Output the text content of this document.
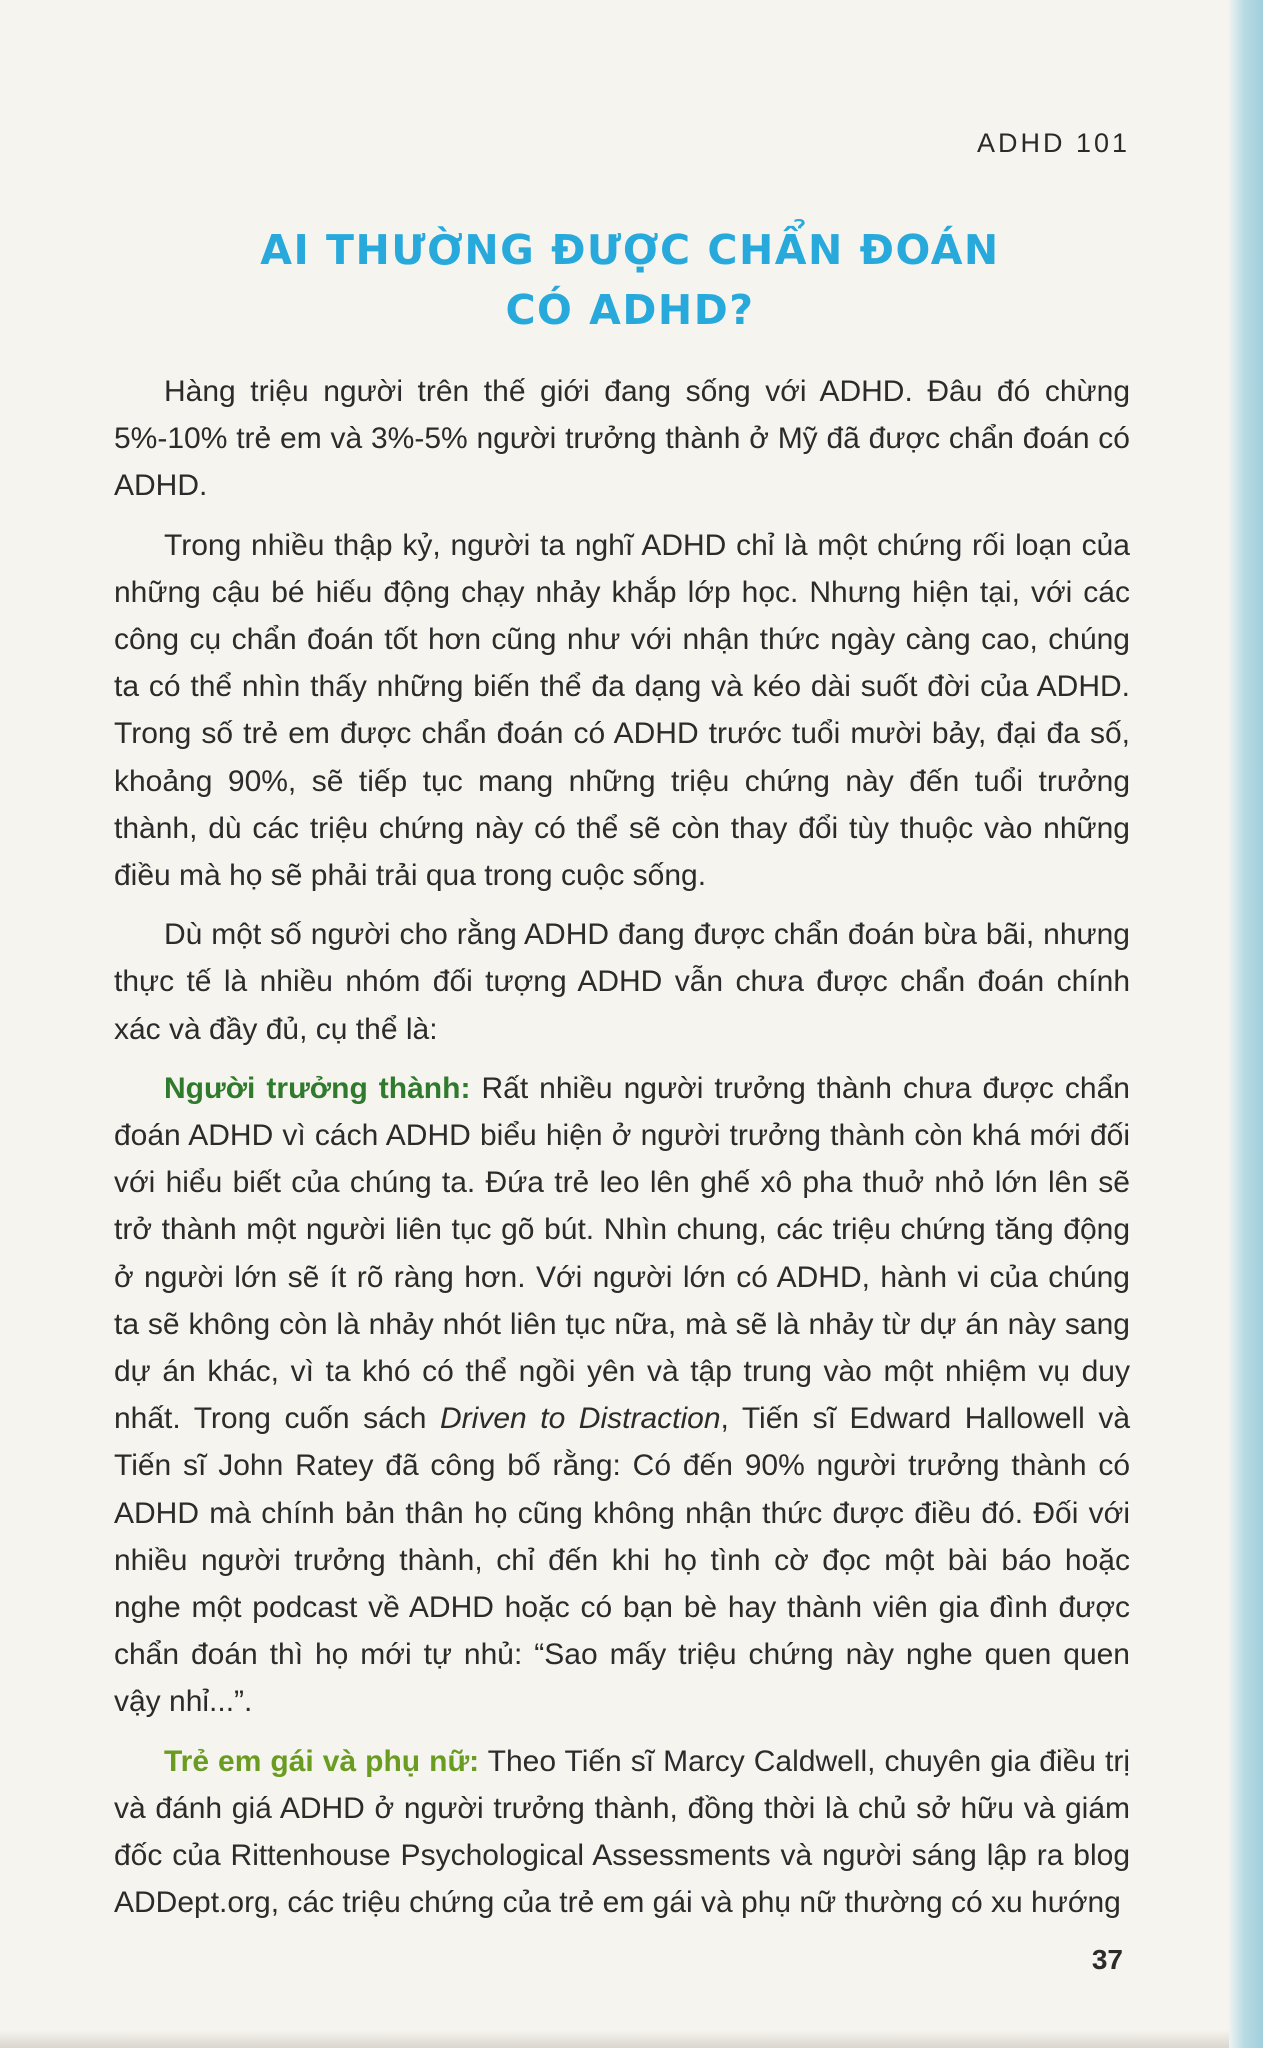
ADHD 101
AI THƯỜNG ĐƯỢC CHẨN ĐOÁN
CÓ ADHD?

Hàng triệu người trên thế giới đang sống với ADHD. Đâu đó chừng 5%-10% trẻ em và 3%-5% người trưởng thành ở Mỹ đã được chẩn đoán có ADHD.

Trong nhiều thập kỷ, người ta nghĩ ADHD chỉ là một chứng rối loạn của những cậu bé hiếu động chạy nhảy khắp lớp học. Nhưng hiện tại, với các công cụ chẩn đoán tốt hơn cũng như với nhận thức ngày càng cao, chúng ta có thể nhìn thấy những biến thể đa dạng và kéo dài suốt đời của ADHD. Trong số trẻ em được chẩn đoán có ADHD trước tuổi mười bảy, đại đa số, khoảng 90%, sẽ tiếp tục mang những triệu chứng này đến tuổi trưởng thành, dù các triệu chứng này có thể sẽ còn thay đổi tùy thuộc vào những điều mà họ sẽ phải trải qua trong cuộc sống.

Dù một số người cho rằng ADHD đang được chẩn đoán bừa bãi, nhưng thực tế là nhiều nhóm đối tượng ADHD vẫn chưa được chẩn đoán chính xác và đầy đủ, cụ thể là:

Người trưởng thành: Rất nhiều người trưởng thành chưa được chẩn đoán ADHD vì cách ADHD biểu hiện ở người trưởng thành còn khá mới đối với hiểu biết của chúng ta. Đứa trẻ leo lên ghế xô pha thuở nhỏ lớn lên sẽ trở thành một người liên tục gõ bút. Nhìn chung, các triệu chứng tăng động ở người lớn sẽ ít rõ ràng hơn. Với người lớn có ADHD, hành vi của chúng ta sẽ không còn là nhảy nhót liên tục nữa, mà sẽ là nhảy từ dự án này sang dự án khác, vì ta khó có thể ngồi yên và tập trung vào một nhiệm vụ duy nhất. Trong cuốn sách Driven to Distraction, Tiến sĩ Edward Hallowell và Tiến sĩ John Ratey đã công bố rằng: Có đến 90% người trưởng thành có ADHD mà chính bản thân họ cũng không nhận thức được điều đó. Đối với nhiều người trưởng thành, chỉ đến khi họ tình cờ đọc một bài báo hoặc nghe một podcast về ADHD hoặc có bạn bè hay thành viên gia đình được chẩn đoán thì họ mới tự nhủ: “Sao mấy triệu chứng này nghe quen quen vậy nhỉ...”.

Trẻ em gái và phụ nữ: Theo Tiến sĩ Marcy Caldwell, chuyên gia điều trị và đánh giá ADHD ở người trưởng thành, đồng thời là chủ sở hữu và giám đốc của Rittenhouse Psychological Assessments và người sáng lập ra blog ADDept.org, các triệu chứng của trẻ em gái và phụ nữ thường có xu hướng

37
